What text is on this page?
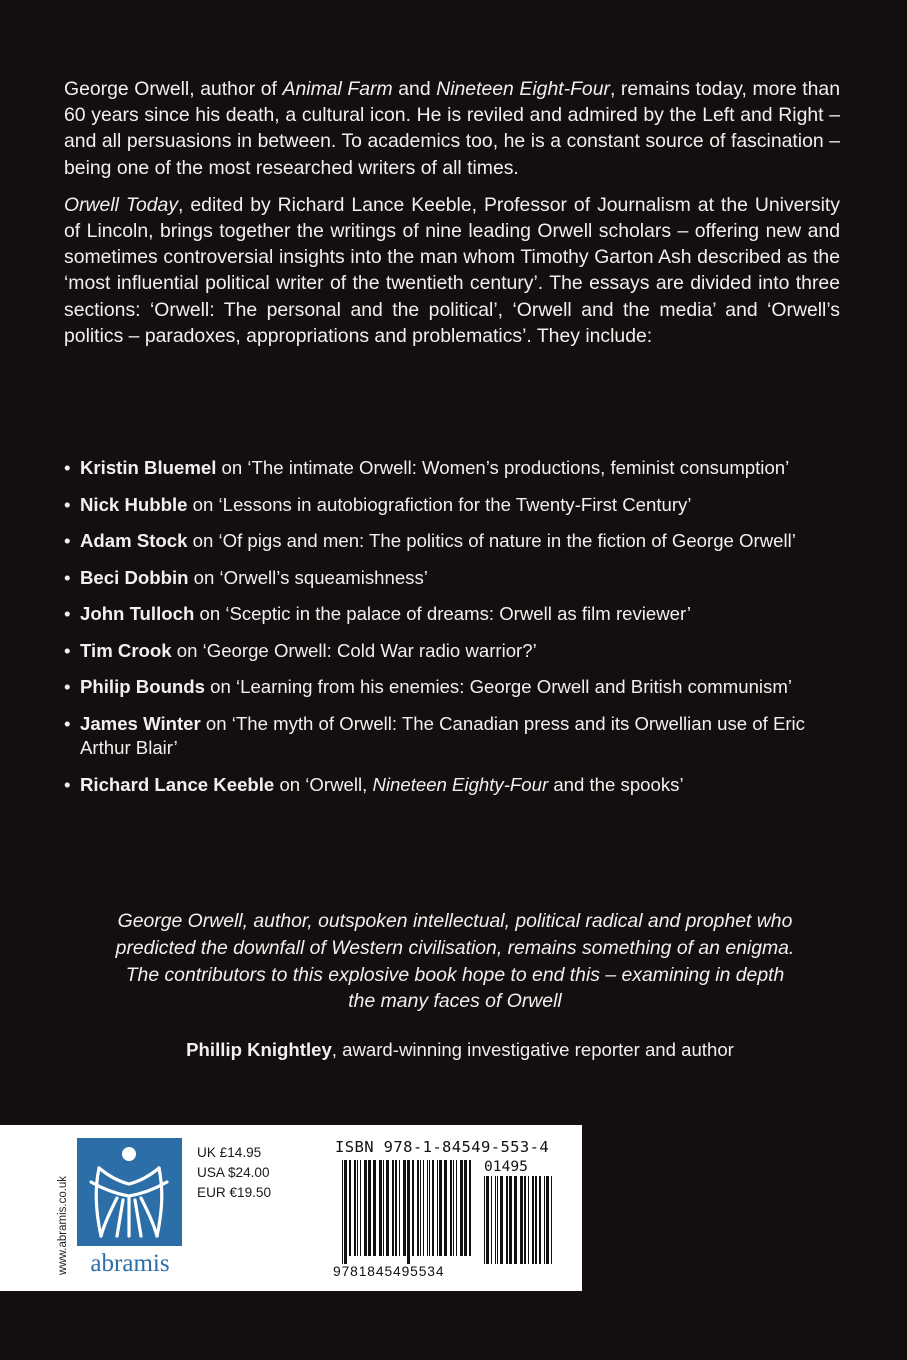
George Orwell, author of Animal Farm and Nineteen Eight-Four, remains today, more than 60 years since his death, a cultural icon. He is reviled and admired by the Left and Right – and all persuasions in between. To academics too, he is a constant source of fascination – being one of the most researched writers of all times.

Orwell Today, edited by Richard Lance Keeble, Professor of Journalism at the University of Lincoln, brings together the writings of nine leading Orwell scholars – offering new and sometimes controversial insights into the man whom Timothy Garton Ash described as the ‘most influential political writer of the twentieth century’. The essays are divided into three sections: ‘Orwell: The personal and the political’, ‘Orwell and the media’ and ‘Orwell’s politics – paradoxes, appropriations and problematics’. They include:

• Kristin Bluemel on ‘The intimate Orwell: Women’s productions, feminist consumption’
• Nick Hubble on ‘Lessons in autobiografiction for the Twenty-First Century’
• Adam Stock on ‘Of pigs and men: The politics of nature in the fiction of George Orwell’
• Beci Dobbin on ‘Orwell’s squeamishness’
• John Tulloch on ‘Sceptic in the palace of dreams: Orwell as film reviewer’
• Tim Crook on ‘George Orwell: Cold War radio warrior?’
• Philip Bounds on ‘Learning from his enemies: George Orwell and British communism’
• James Winter on ‘The myth of Orwell: The Canadian press and its Orwellian use of Eric Arthur Blair’
• Richard Lance Keeble on ‘Orwell, Nineteen Eighty-Four and the spooks’
George Orwell, author, outspoken intellectual, political radical and prophet who predicted the downfall of Western civilisation, remains something of an enigma. The contributors to this explosive book hope to end this – examining in depth the many faces of Orwell
Phillip Knightley, award-winning investigative reporter and author
www.abramis.co.uk abramis
UK £14.95
USA $24.00
EUR €19.50
ISBN 978-1-84549-553-4
01495
9781845495534
